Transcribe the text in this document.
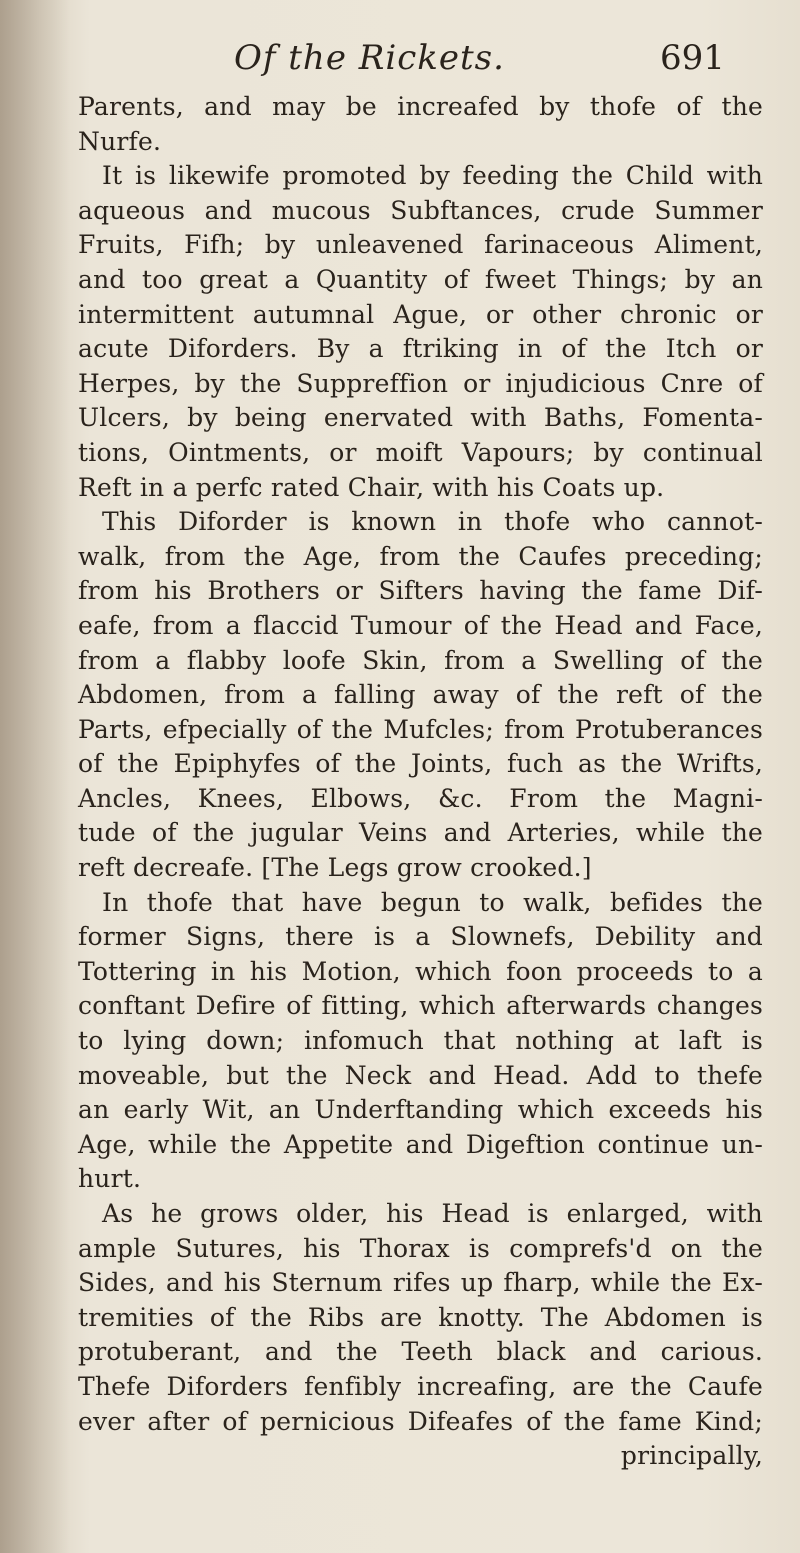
Of the Rickets.	691
Parents, and may be increafed by thofe of the
Nurfe.
It is likewife promoted by feeding the Child with
aqueous and mucous Subftances, crude Summer
Fruits, Fifh; by unleavened farinaceous Aliment,
and too great a Quantity of fweet Things; by an
intermittent autumnal Ague, or other chronic or
acute Diforders. By a ftriking in of the Itch or
Herpes, by the Suppreffion or injudicious Cnre of
Ulcers, by being enervated with Baths, Fomenta-
tions, Ointments, or moift Vapours; by continual
Reft in a perfc rated Chair, with his Coats up.
This Diforder is known in thofe who cannot-
walk, from the Age, from the Caufes preceding;
from his Brothers or Sifters having the fame Dif-
eafe, from a flaccid Tumour of the Head and Face,
from a flabby loofe Skin, from a Swelling of the
Abdomen, from a falling away of the reft of the
Parts, efpecially of the Mufcles; from Protuberances
of the Epiphyfes of the Joints, fuch as the Wrifts,
Ancles, Knees, Elbows, &c. From the Magni-
tude of the jugular Veins and Arteries, while the
reft decreafe. [The Legs grow crooked.]
In thofe that have begun to walk, befides the
former Signs, there is a Slownefs, Debility and
Tottering in his Motion, which foon proceeds to a
conftant Defire of fitting, which afterwards changes
to lying down; infomuch that nothing at laft is
moveable, but the Neck and Head. Add to thefe
an early Wit, an Underftanding which exceeds his
Age, while the Appetite and Digeftion continue un-
hurt.
As he grows older, his Head is enlarged, with
ample Sutures, his Thorax is comprefs'd on the
Sides, and his Sternum rifes up fharp, while the Ex-
tremities of the Ribs are knotty. The Abdomen is
protuberant, and the Teeth black and carious.
Thefe Diforders fenfibly increafing, are the Caufe
ever after of pernicious Difeafes of the fame Kind;
principally,
